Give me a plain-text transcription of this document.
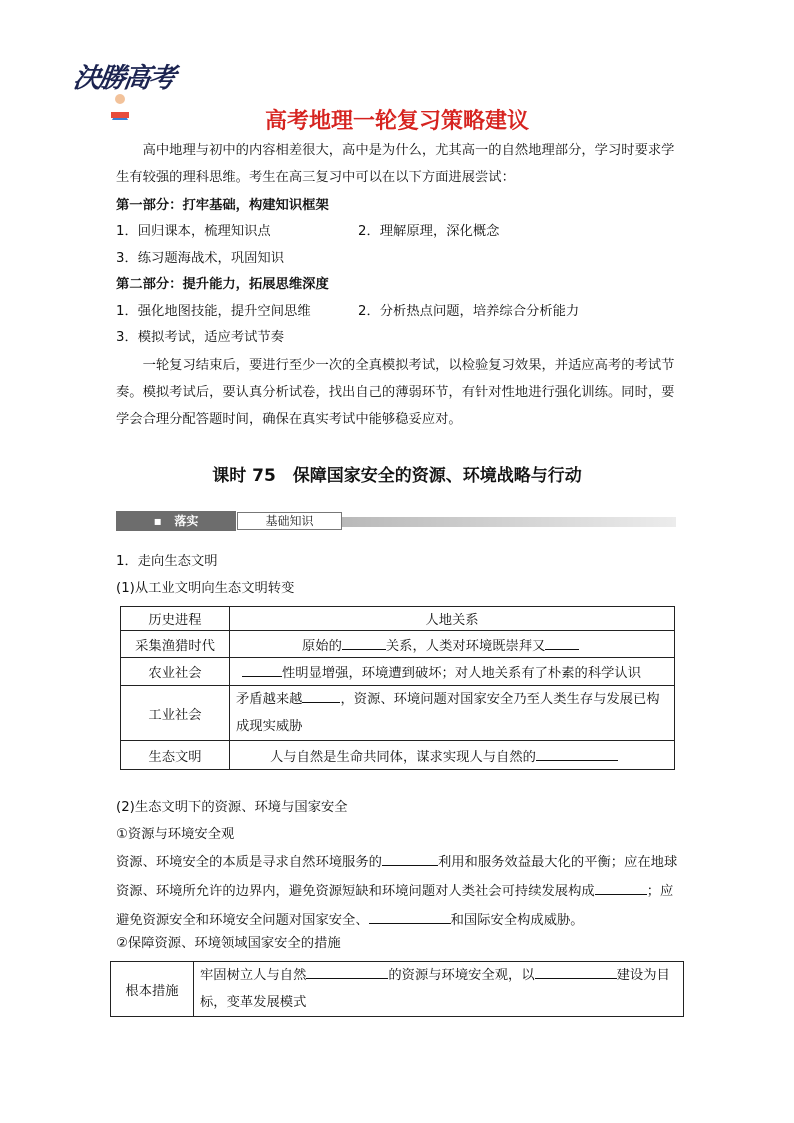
決勝高考
高考地理一轮复习策略建议
高中地理与初中的内容相差很大，高中是为什么，尤其高一的自然地理部分，学习时要求学生有较强的理科思维。考生在高三复习中可以在以下方面进展尝试：
第一部分：打牢基础，构建知识框架
1．回归课本，梳理知识点	2．理解原理，深化概念
3．练习题海战术，巩固知识
第二部分：提升能力，拓展思维深度
1．强化地图技能，提升空间思维	2．分析热点问题，培养综合分析能力
3．模拟考试，适应考试节奏
一轮复习结束后，要进行至少一次的全真模拟考试，以检验复习效果，并适应高考的考试节奏。模拟考试后，要认真分析试卷，找出自己的薄弱环节，有针对性地进行强化训练。同时，要学会合理分配答题时间，确保在真实考试中能够稳妥应对。
课时 75　保障国家安全的资源、环境战略与行动
▪   落实	基础知识
1．走向生态文明
(1)从工业文明向生态文明转变
历史进程	人地关系
采集渔猎时代	原始的 关系，人类对环境既崇拜又
农业社会	性明显增强，环境遭到破坏；对人地关系有了朴素的科学认识
工业社会	矛盾越来越 ，资源、环境问题对国家安全乃至人类生存与发展已构成现实威胁
生态文明	人与自然是生命共同体，谋求实现人与自然的
(2)生态文明下的资源、环境与国家安全
①资源与环境安全观
资源、环境安全的本质是寻求自然环境服务的	利用和服务效益最大化的平衡；应在地球资源、环境所允许的边界内，避免资源短缺和环境问题对人类社会可持续发展构成	；应避免资源安全和环境安全问题对国家安全、	和国际安全构成威胁。
②保障资源、环境领域国家安全的措施
根本措施	牢固树立人与自然	的资源与环境安全观，以	建设为目标，变革发展模式
